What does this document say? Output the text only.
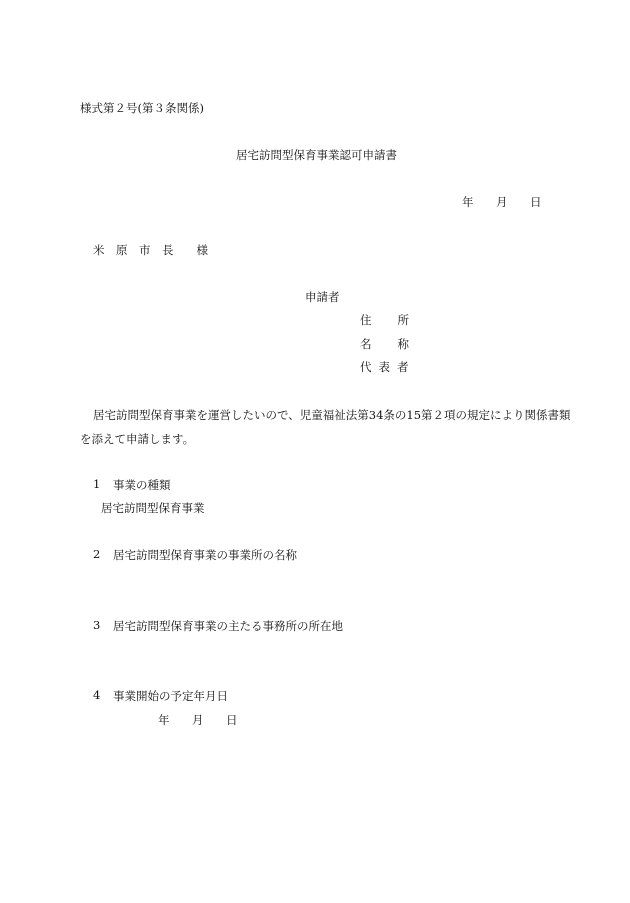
様式第２号(第３条関係)
居宅訪問型保育事業認可申請書
年 月 日
米　原　市　長　　様
申請者
住所
名称
代表者
居宅訪問型保育事業を運営したいので、児童福祉法第34条の15第２項の規定により関係書類
を添えて申請します。
1 事業の種類
居宅訪問型保育事業
2 居宅訪問型保育事業の事業所の名称
3 居宅訪問型保育事業の主たる事務所の所在地
4 事業開始の予定年月日
年 月 日
